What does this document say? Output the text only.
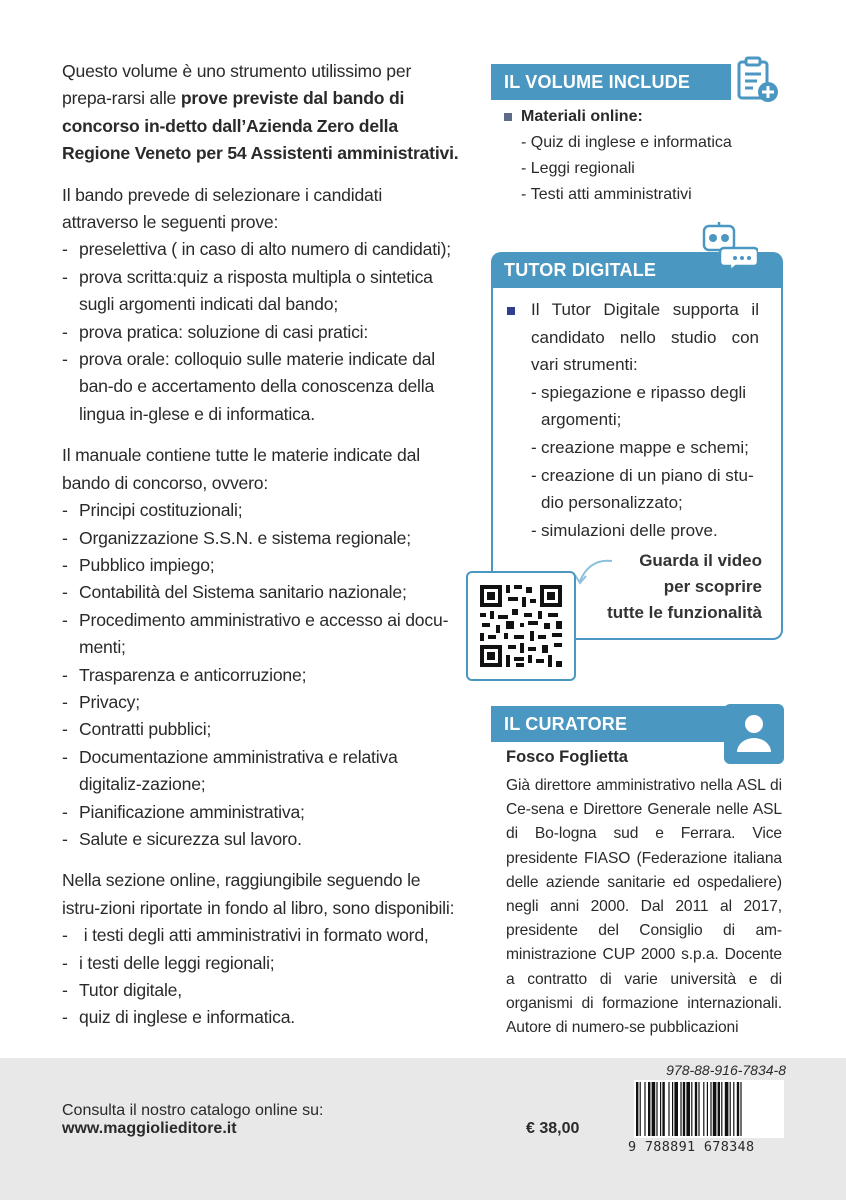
Questo volume è uno strumento utilissimo per prepa-rarsi alle prove previste dal bando di concorso in-detto dall’Azienda Zero della Regione Veneto per 54 Assistenti amministrativi.

Il bando prevede di selezionare i candidati attraverso le seguenti prove:

- preselettiva ( in caso di alto numero di candidati);
- prova scritta:quiz a risposta multipla o sintetica sugli argomenti indicati dal bando;
- prova pratica: soluzione di casi pratici:
- prova orale: colloquio sulle materie indicate dal ban-do e accertamento della conoscenza della lingua in-glese e di informatica.

Il manuale contiene tutte le materie indicate dal bando di concorso, ovvero:

- Principi costituzionali;
- Organizzazione S.S.N. e sistema regionale;
- Pubblico impiego;
- Contabilità del Sistema sanitario nazionale;
- Procedimento amministrativo e accesso ai docu-menti;
- Trasparenza e anticorruzione;
- Privacy;
- Contratti pubblici;
- Documentazione amministrativa e relativa digitaliz-zazione;
- Pianificazione amministrativa;
- Salute e sicurezza sul lavoro.

Nella sezione online, raggiungibile seguendo le istru-zioni riportate in fondo al libro, sono disponibili:

- i testi degli atti amministrativi in formato word,
- i testi delle leggi regionali;
- Tutor digitale,
- quiz di inglese e informatica.
IL VOLUME INCLUDE
Materiali online:
- Quiz di inglese e informatica
- Leggi regionali
- Testi atti amministrativi
TUTOR DIGITALE
Il Tutor Digitale supporta il candidato nello studio con vari strumenti:
- spiegazione e ripasso degli argomenti;
- creazione mappe e schemi;
- creazione di un piano di stu-dio personalizzato;
- simulazioni delle prove.
Guarda il video
per scoprire
tutte le funzionalità
IL CURATORE
Fosco Foglietta
Già direttore amministrativo nella ASL di Ce-sena e Direttore Generale nelle ASL di Bo-logna sud e Ferrara. Vice presidente FIASO (Federazione italiana delle aziende sanitarie ed ospedaliere) negli anni 2000. Dal 2011 al 2017, presidente del Consiglio di am-ministrazione CUP 2000 s.p.a. Docente a contratto di varie università e di organismi di formazione internazionali. Autore di numero-se pubblicazioni
Consulta il nostro catalogo online su:
www.maggiolieditore.it	€ 38,00
978-88-916-7834-8
9 788891 678348
